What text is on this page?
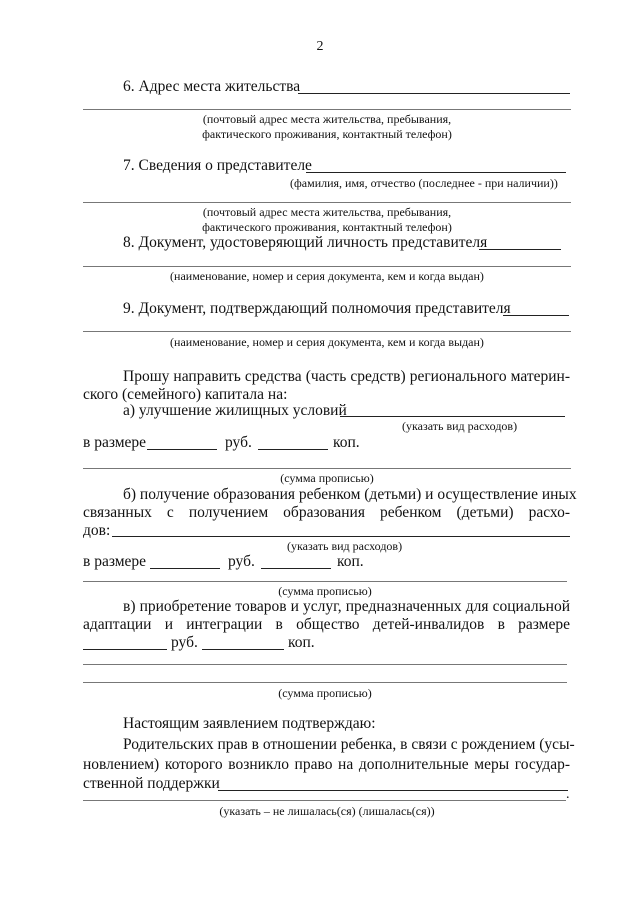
2
6. Адрес места жительства
(почтовый адрес места жительства, пребывания,
фактического проживания, контактный телефон)
7. Сведения о представителе
(фамилия, имя, отчество (последнее - при наличии))
(почтовый адрес места жительства, пребывания,
фактического проживания, контактный телефон)
8. Документ, удостоверяющий личность представителя
(наименование, номер и серия документа, кем и когда выдан)
9. Документ, подтверждающий полномочия представителя
(наименование, номер и серия документа, кем и когда выдан)
Прошу направить средства (часть средств) регионального материн-
ского (семейного) капитала на:
а) улучшение жилищных условий
(указать вид расходов)
в размере	руб.	коп.
(сумма прописью)
б) получение образования ребенком (детьми) и осуществление иных
связанных с получением образования ребенком (детьми) расхо-
дов:
(указать вид расходов)
в размере	руб.	коп.
(сумма прописью)
в) приобретение товаров и услуг, предназначенных для социальной
адаптации и интеграции в общество детей-инвалидов в размере
руб.	коп.
(сумма прописью)
Настоящим заявлением подтверждаю:
Родительских прав в отношении ребенка, в связи с рождением (усы-
новлением) которого возникло право на дополнительные меры государ-
ственной поддержки
.
(указать – не лишалась(ся) (лишалась(ся))
